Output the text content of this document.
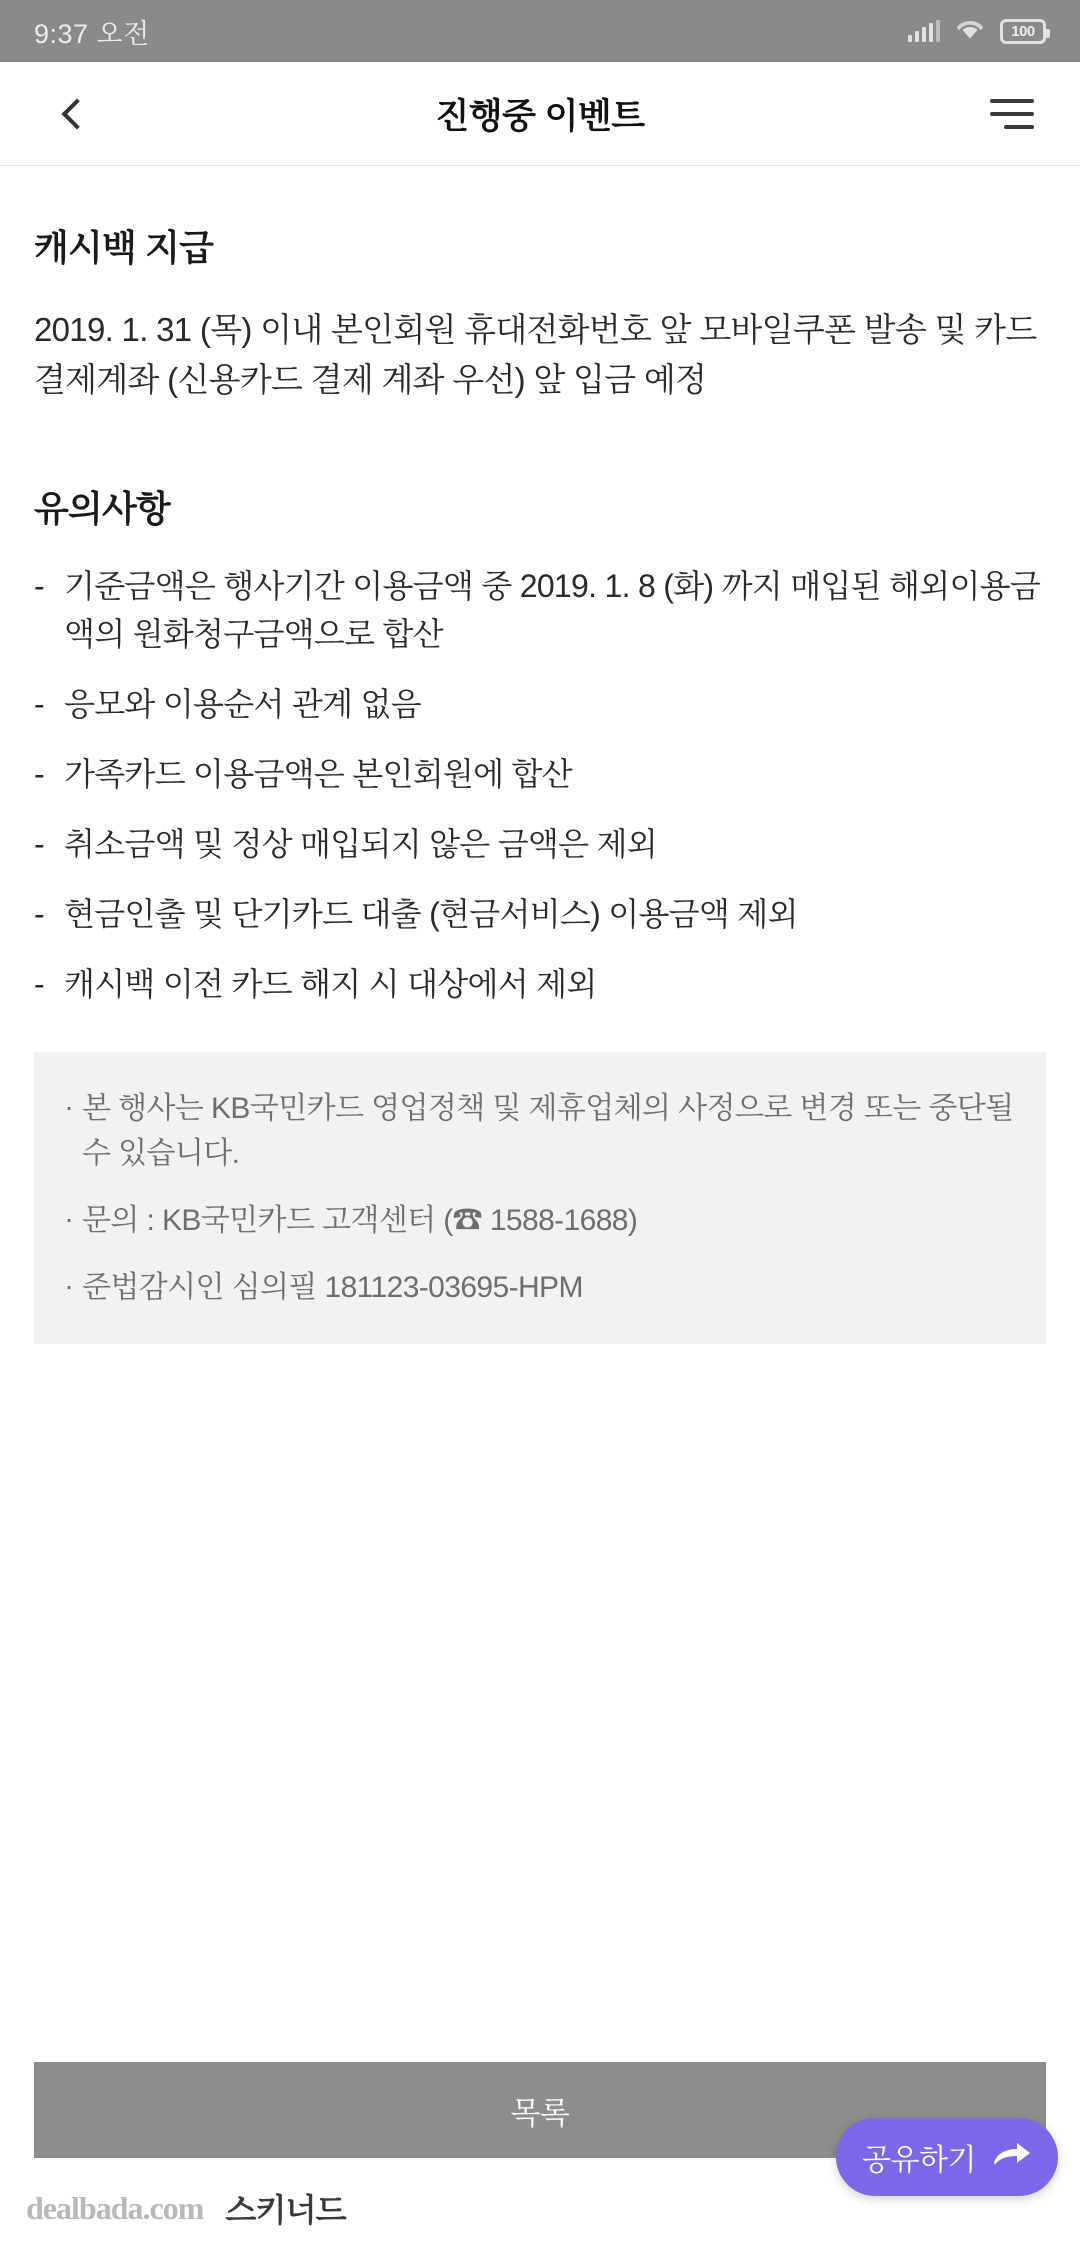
9:37 오전	100
진행중 이벤트
캐시백 지급
2019. 1. 31 (목) 이내 본인회원 휴대전화번호 앞 모바일쿠폰 발송 및 카드 결제계좌 (신용카드 결제 계좌 우선) 앞 입금 예정
유의사항
- 기준금액은 행사기간 이용금액 중 2019. 1. 8 (화) 까지 매입된 해외이용금액의 원화청구금액으로 합산
- 응모와 이용순서 관계 없음
- 가족카드 이용금액은 본인회원에 합산
- 취소금액 및 정상 매입되지 않은 금액은 제외
- 현금인출 및 단기카드 대출 (현금서비스) 이용금액 제외
- 캐시백 이전 카드 해지 시 대상에서 제외
· 본 행사는 KB국민카드 영업정책 및 제휴업체의 사정으로 변경 또는 중단될 수 있습니다.
· 문의 : KB국민카드 고객센터 (☎ 1588-1688)
· 준법감시인 심의필 181123-03695-HPM
목록
공유하기
dealbada.com 스키너드
